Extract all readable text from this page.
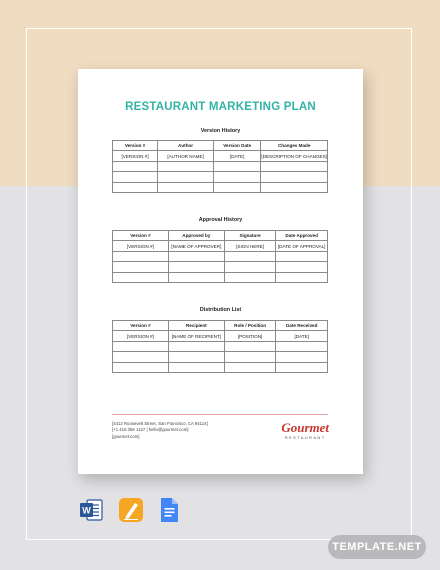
RESTAURANT MARKETING PLAN
Version History
Version #	Author	Version Date	Changes Made
[VERSION #]	[AUTHOR NAME]	[DATE]	[DESCRIPTION OF CHANGES]

Approval History
Version #	Approved by	Signature	Date Approved
[VERSION #]	[NAME OF APPROVER]	[SIGN HERE]	[DATE OF APPROVAL]

Distribution List
Version #	Recipient	Role / Position	Date Received
[VERSION #]	[NAME OF RECIPIENT]	[POSITION]	[DATE]

[4412 Roosevelt Street, San Francisco, CA 94114]
[+1 415 356 1127 | hello@gourmet.com]
[gourmet.com]
Gourmet
RESTAURANT
W
TEMPLATE.NET
